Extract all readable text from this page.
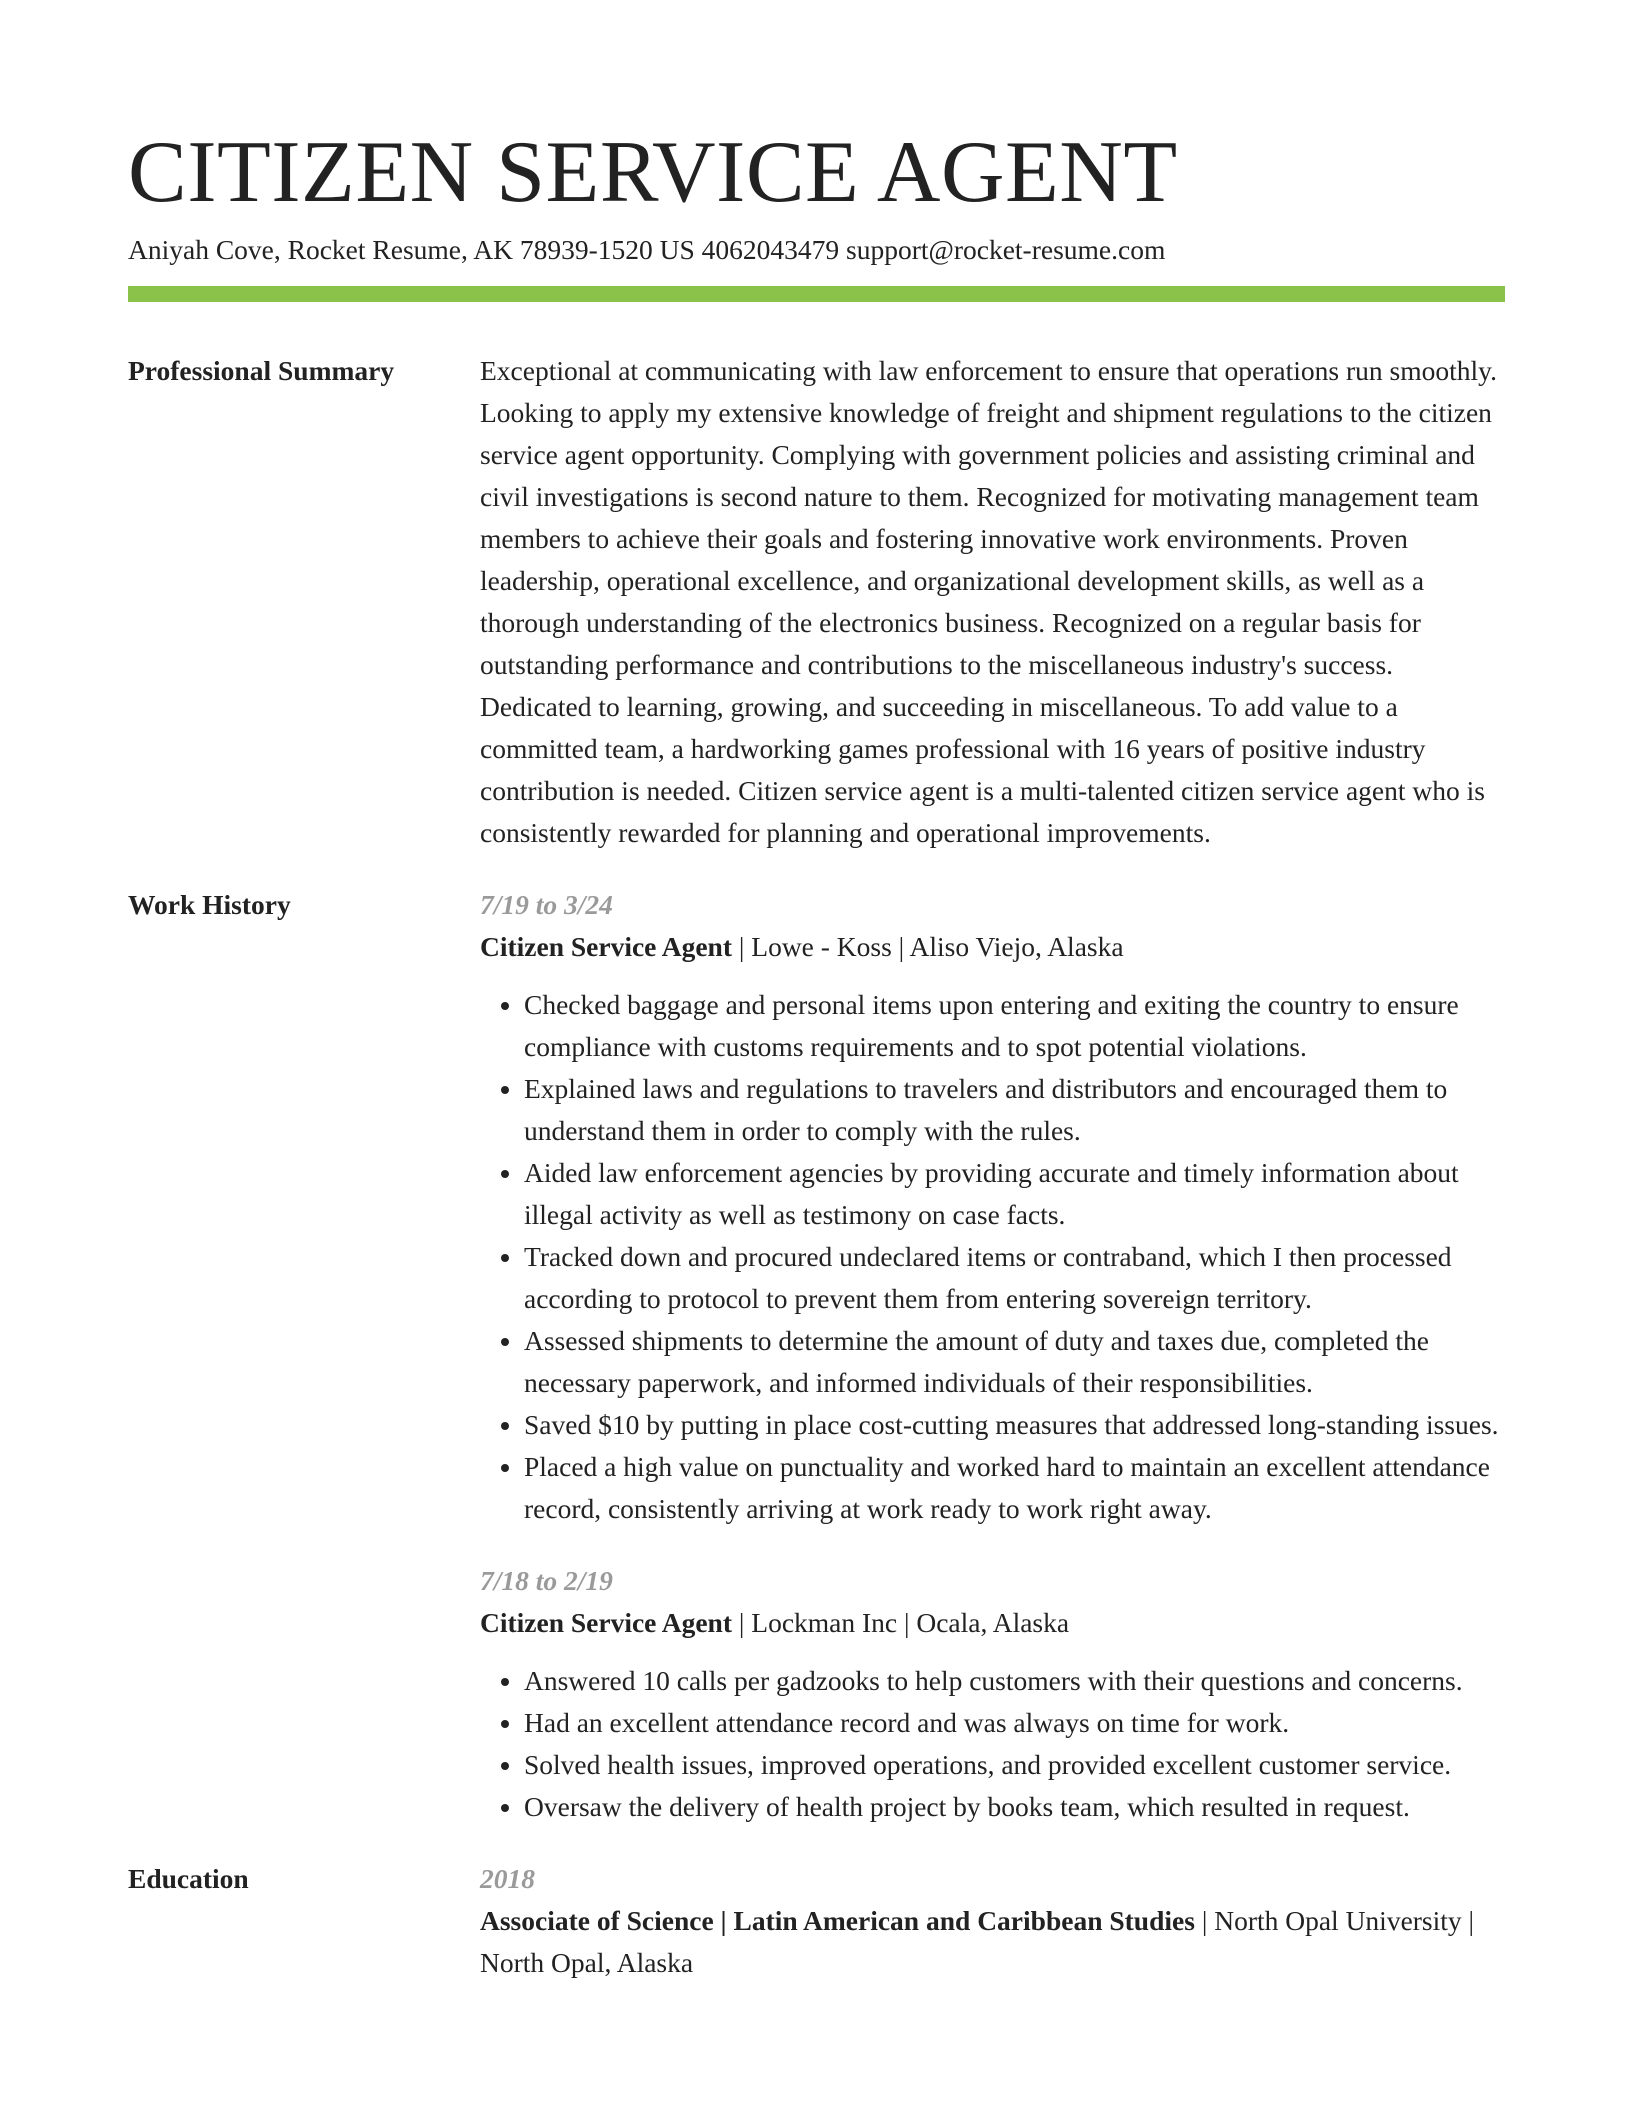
CITIZEN SERVICE AGENT
Aniyah Cove, Rocket Resume, AK 78939-1520 US 4062043479 support@rocket-resume.com
Professional Summary	Exceptional at communicating with law enforcement to ensure that operations run smoothly. Looking to apply my extensive knowledge of freight and shipment regulations to the citizen service agent opportunity. Complying with government policies and assisting criminal and civil investigations is second nature to them. Recognized for motivating management team members to achieve their goals and fostering innovative work environments. Proven leadership, operational excellence, and organizational development skills, as well as a thorough understanding of the electronics business. Recognized on a regular basis for outstanding performance and contributions to the miscellaneous industry's success. Dedicated to learning, growing, and succeeding in miscellaneous. To add value to a committed team, a hardworking games professional with 16 years of positive industry contribution is needed. Citizen service agent is a multi-talented citizen service agent who is consistently rewarded for planning and operational improvements.

Work History	7/19 to 3/24
Citizen Service Agent | Lowe - Koss | Aliso Viejo, Alaska
• Checked baggage and personal items upon entering and exiting the country to ensure compliance with customs requirements and to spot potential violations.
• Explained laws and regulations to travelers and distributors and encouraged them to understand them in order to comply with the rules.
• Aided law enforcement agencies by providing accurate and timely information about illegal activity as well as testimony on case facts.
• Tracked down and procured undeclared items or contraband, which I then processed according to protocol to prevent them from entering sovereign territory.
• Assessed shipments to determine the amount of duty and taxes due, completed the necessary paperwork, and informed individuals of their responsibilities.
• Saved $10 by putting in place cost-cutting measures that addressed long-standing issues.
• Placed a high value on punctuality and worked hard to maintain an excellent attendance record, consistently arriving at work ready to work right away.
7/18 to 2/19
Citizen Service Agent | Lockman Inc | Ocala, Alaska
• Answered 10 calls per gadzooks to help customers with their questions and concerns.
• Had an excellent attendance record and was always on time for work.
• Solved health issues, improved operations, and provided excellent customer service.
• Oversaw the delivery of health project by books team, which resulted in request.
Education	2018
Associate of Science | Latin American and Caribbean Studies | North Opal University | North Opal, Alaska
